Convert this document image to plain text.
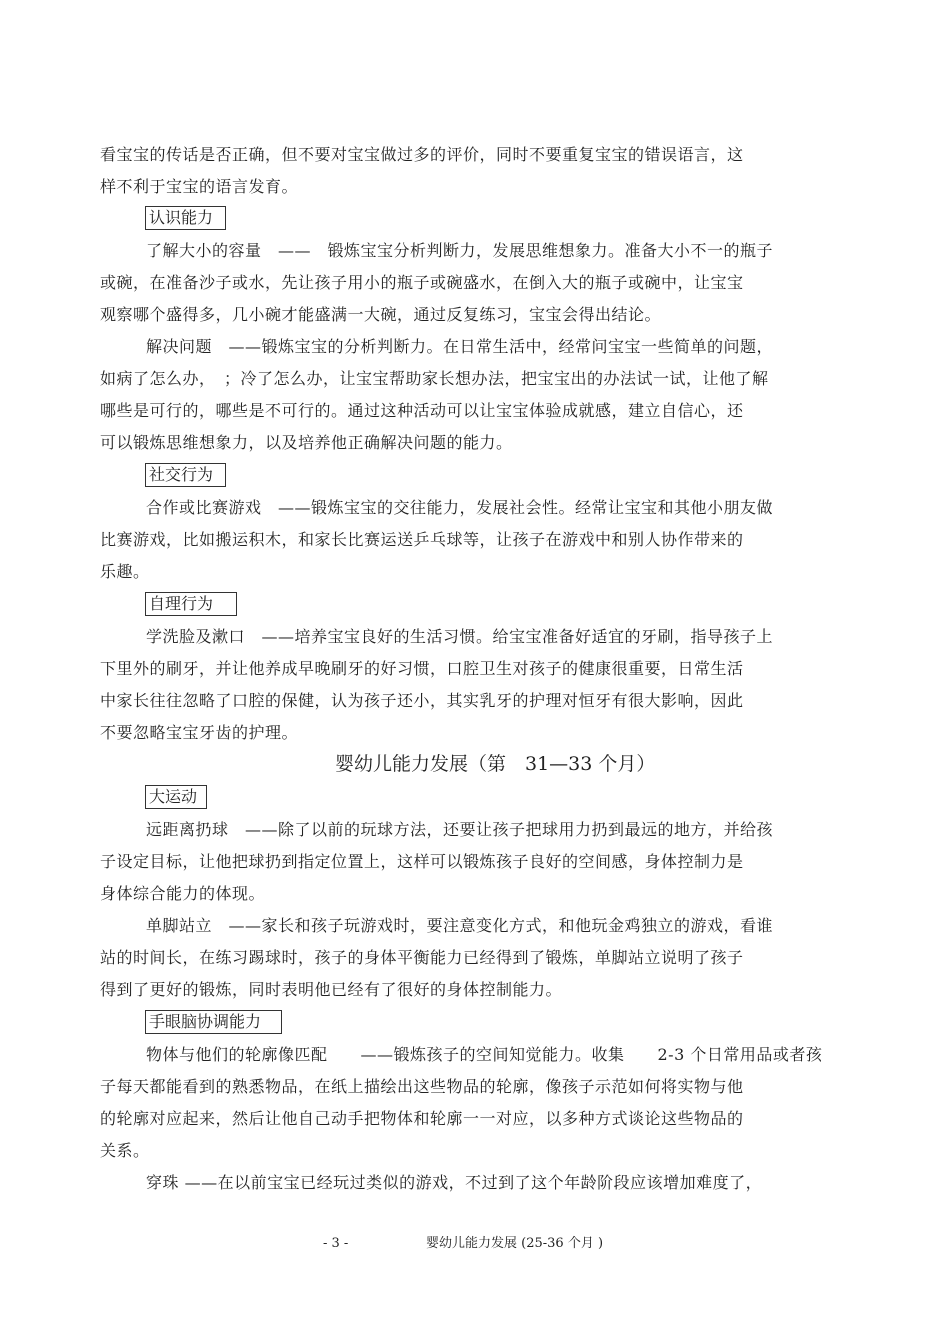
看宝宝的传话是否正确，但不要对宝宝做过多的评价，同时不要重复宝宝的错误语言，这
样不利于宝宝的语言发育。
认识能力
了解大小的容量　——　锻炼宝宝分析判断力，发展思维想象力。准备大小不一的瓶子
或碗，在准备沙子或水，先让孩子用小的瓶子或碗盛水，在倒入大的瓶子或碗中，让宝宝
观察哪个盛得多，几小碗才能盛满一大碗，通过反复练习，宝宝会得出结论。
解决问题　——锻炼宝宝的分析判断力。在日常生活中，经常问宝宝一些简单的问题，
如病了怎么办，　；冷了怎么办，让宝宝帮助家长想办法，把宝宝出的办法试一试，让他了解
哪些是可行的，哪些是不可行的。通过这种活动可以让宝宝体验成就感，建立自信心，还
可以锻炼思维想象力，以及培养他正确解决问题的能力。
社交行为
合作或比赛游戏　——锻炼宝宝的交往能力，发展社会性。经常让宝宝和其他小朋友做
比赛游戏，比如搬运积木，和家长比赛运送乒乓球等，让孩子在游戏中和别人协作带来的
乐趣。
自理行为
学洗脸及漱口　——培养宝宝良好的生活习惯。给宝宝准备好适宜的牙刷，指导孩子上
下里外的刷牙，并让他养成早晚刷牙的好习惯，口腔卫生对孩子的健康很重要，日常生活
中家长往往忽略了口腔的保健，认为孩子还小，其实乳牙的护理对恒牙有很大影响，因此
不要忽略宝宝牙齿的护理。
婴幼儿能力发展（第　31—33 个月）
大运动
远距离扔球　——除了以前的玩球方法，还要让孩子把球用力扔到最远的地方，并给孩
子设定目标，让他把球扔到指定位置上，这样可以锻炼孩子良好的空间感，身体控制力是
身体综合能力的体现。
单脚站立　——家长和孩子玩游戏时，要注意变化方式，和他玩金鸡独立的游戏，看谁
站的时间长，在练习踢球时，孩子的身体平衡能力已经得到了锻炼，单脚站立说明了孩子
得到了更好的锻炼，同时表明他已经有了很好的身体控制能力。
手眼脑协调能力
物体与他们的轮廓像匹配　　——锻炼孩子的空间知觉能力。收集　　2-3 个日常用品或者孩
子每天都能看到的熟悉物品，在纸上描绘出这些物品的轮廓，像孩子示范如何将实物与他
的轮廓对应起来，然后让他自己动手把物体和轮廓一一对应，以多种方式谈论这些物品的
关系。
穿珠 ——在以前宝宝已经玩过类似的游戏，不过到了这个年龄阶段应该增加难度了，
- 3 -	婴幼儿能力发展 (25-36 个月 )
